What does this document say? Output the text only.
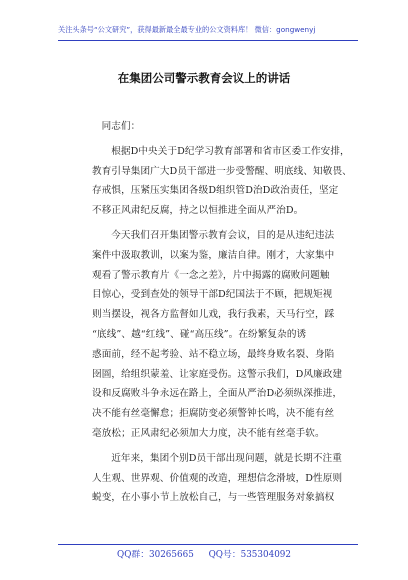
关注头条号“公文研究”，获得最新最全最专业的公文资料库！ 微信：gongwenyj
在集团公司警示教育会议上的讲话
同志们：
根据D中央关于D纪学习教育部署和省市区委工作安排，
教育引导集团广大D员干部进一步受警醒、明底线、知敬畏、
存戒惧，压紧压实集团各级D组织管D治D政治责任，坚定
不移正风肃纪反腐，持之以恒推进全面从严治D。
今天我们召开集团警示教育会议，目的是从违纪违法
案件中汲取教训，以案为鉴，廉洁自律。刚才，大家集中
观看了警示教育片《一念之差》，片中揭露的腐败问题触
目惊心，受到查处的领导干部D纪国法于不顾，把规矩视
则当摆设，视各方监督如儿戏，我行我素，天马行空，踩
“底线”、越“红线”、碰“高压线”。在纷繁复杂的诱
惑面前，经不起考验、站不稳立场，最终身败名裂、身陷
囹圄，给组织蒙羞、让家庭受伤。这警示我们，D风廉政建
设和反腐败斗争永远在路上，全面从严治D必须纵深推进，
决不能有丝毫懈怠；拒腐防变必须警钟长鸣，决不能有丝
毫放松；正风肃纪必须加大力度，决不能有丝毫手软。
近年来，集团个别D员干部出现问题，就是长期不注重
人生观、世界观、价值观的改造，理想信念滑坡，D性原则
蜕变，在小事小节上放松自己，与一些管理服务对象搞权
QQ群：30265665 QQ号：535304092
